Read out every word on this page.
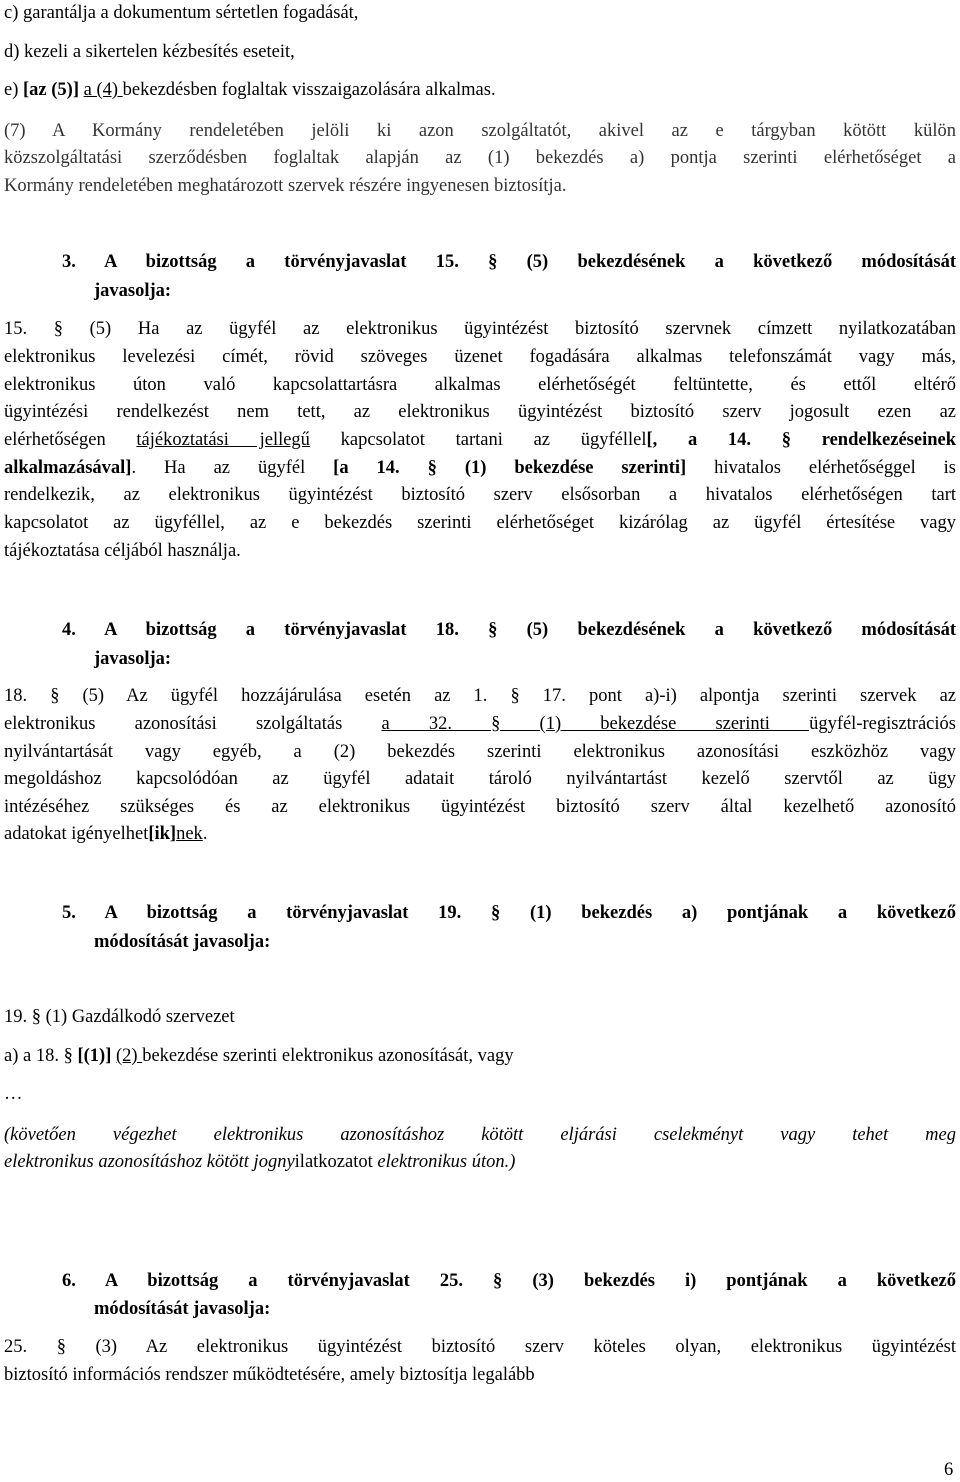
c) garantálja a dokumentum sértetlen fogadását,
d) kezeli a sikertelen kézbesítés eseteit,
e) [az (5)] a (4) bekezdésben foglaltak visszaigazolására alkalmas.
(7) A Kormány rendeletében jelöli ki azon szolgáltatót, akivel az e tárgyban kötött külön
közszolgáltatási szerződésben foglaltak alapján az (1) bekezdés a) pontja szerinti elérhetőséget a
Kormány rendeletében meghatározott szervek részére ingyenesen biztosítja.
3. A bizottság a törvényjavaslat 15. § (5) bekezdésének a következő módosítását
javasolja:
15. § (5) Ha az ügyfél az elektronikus ügyintézést biztosító szervnek címzett nyilatkozatában
elektronikus levelezési címét, rövid szöveges üzenet fogadására alkalmas telefonszámát vagy más,
elektronikus úton való kapcsolattartásra alkalmas elérhetőségét feltüntette, és ettől eltérő
ügyintézési rendelkezést nem tett, az elektronikus ügyintézést biztosító szerv jogosult ezen az
elérhetőségen tájékoztatási jellegű kapcsolatot tartani az ügyféllel[, a 14. § rendelkezéseinek
alkalmazásával]. Ha az ügyfél [a 14. § (1) bekezdése szerinti] hivatalos elérhetőséggel is
rendelkezik, az elektronikus ügyintézést biztosító szerv elsősorban a hivatalos elérhetőségen tart
kapcsolatot az ügyféllel, az e bekezdés szerinti elérhetőséget kizárólag az ügyfél értesítése vagy
tájékoztatása céljából használja.
4. A bizottság a törvényjavaslat 18. § (5) bekezdésének a következő módosítását
javasolja:
18. § (5) Az ügyfél hozzájárulása esetén az 1. § 17. pont a)-i) alpontja szerinti szervek az
elektronikus azonosítási szolgáltatás a 32. § (1) bekezdése szerinti ügyfél-regisztrációs
nyilvántartását vagy egyéb, a (2) bekezdés szerinti elektronikus azonosítási eszközhöz vagy
megoldáshoz kapcsolódóan az ügyfél adatait tároló nyilvántartást kezelő szervtől az ügy
intézéséhez szükséges és az elektronikus ügyintézést biztosító szerv által kezelhető azonosító
adatokat igényelhet[ik]nek.
5. A bizottság a törvényjavaslat 19. § (1) bekezdés a) pontjának a következő
módosítását javasolja:
19. § (1) Gazdálkodó szervezet
a) a 18. § [(1)] (2) bekezdése szerinti elektronikus azonosítását, vagy
…
(követően végezhet elektronikus azonosításhoz kötött eljárási cselekményt vagy tehet meg
elektronikus azonosításhoz kötött jognyilatkozatot elektronikus úton.)
6. A bizottság a törvényjavaslat 25. § (3) bekezdés i) pontjának a következő
módosítását javasolja:
25. § (3) Az elektronikus ügyintézést biztosító szerv köteles olyan, elektronikus ügyintézést
biztosító információs rendszer működtetésére, amely biztosítja legalább
6
